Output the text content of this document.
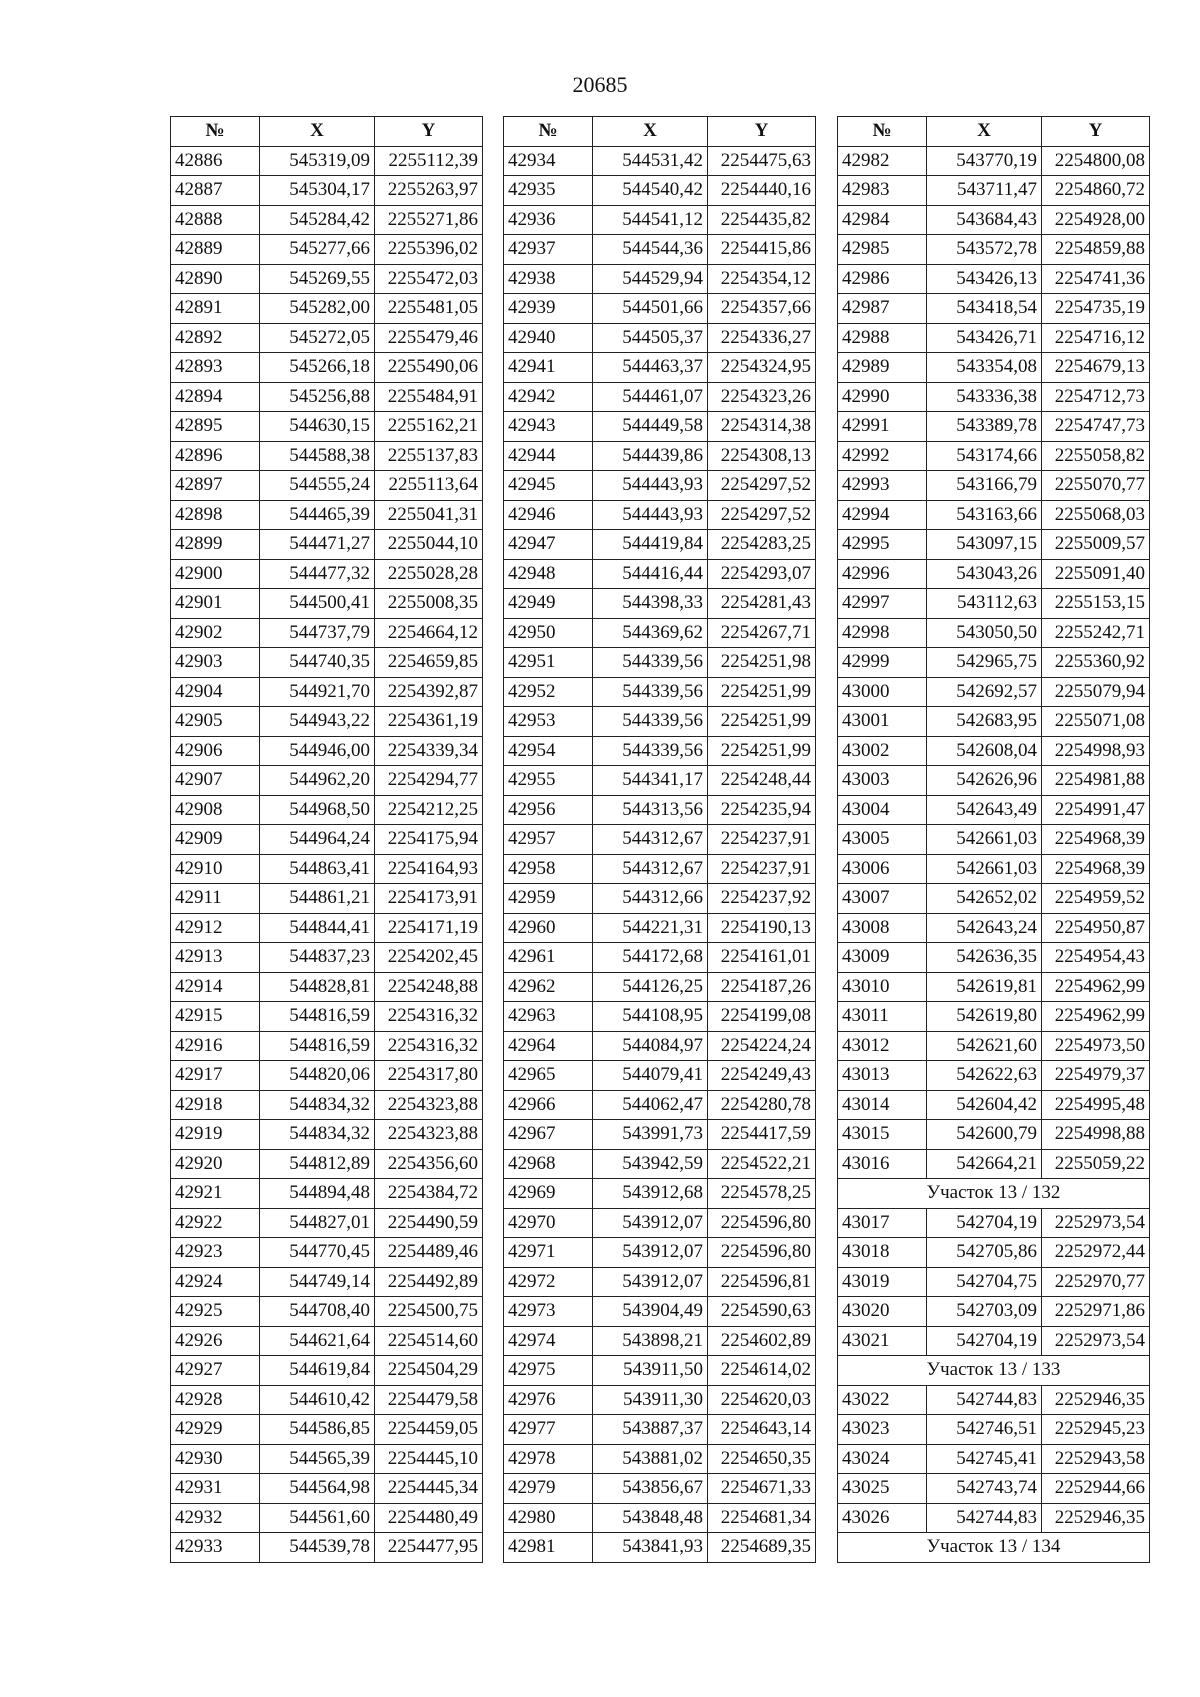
20685
№	X	Y
42886	545319,09	2255112,39
42887	545304,17	2255263,97
42888	545284,42	2255271,86
42889	545277,66	2255396,02
42890	545269,55	2255472,03
42891	545282,00	2255481,05
42892	545272,05	2255479,46
42893	545266,18	2255490,06
42894	545256,88	2255484,91
42895	544630,15	2255162,21
42896	544588,38	2255137,83
42897	544555,24	2255113,64
42898	544465,39	2255041,31
42899	544471,27	2255044,10
42900	544477,32	2255028,28
42901	544500,41	2255008,35
42902	544737,79	2254664,12
42903	544740,35	2254659,85
42904	544921,70	2254392,87
42905	544943,22	2254361,19
42906	544946,00	2254339,34
42907	544962,20	2254294,77
42908	544968,50	2254212,25
42909	544964,24	2254175,94
42910	544863,41	2254164,93
42911	544861,21	2254173,91
42912	544844,41	2254171,19
42913	544837,23	2254202,45
42914	544828,81	2254248,88
42915	544816,59	2254316,32
42916	544816,59	2254316,32
42917	544820,06	2254317,80
42918	544834,32	2254323,88
42919	544834,32	2254323,88
42920	544812,89	2254356,60
42921	544894,48	2254384,72
42922	544827,01	2254490,59
42923	544770,45	2254489,46
42924	544749,14	2254492,89
42925	544708,40	2254500,75
42926	544621,64	2254514,60
42927	544619,84	2254504,29
42928	544610,42	2254479,58
42929	544586,85	2254459,05
42930	544565,39	2254445,10
42931	544564,98	2254445,34
42932	544561,60	2254480,49
42933	544539,78	2254477,95
№	X	Y
42934	544531,42	2254475,63
42935	544540,42	2254440,16
42936	544541,12	2254435,82
42937	544544,36	2254415,86
42938	544529,94	2254354,12
42939	544501,66	2254357,66
42940	544505,37	2254336,27
42941	544463,37	2254324,95
42942	544461,07	2254323,26
42943	544449,58	2254314,38
42944	544439,86	2254308,13
42945	544443,93	2254297,52
42946	544443,93	2254297,52
42947	544419,84	2254283,25
42948	544416,44	2254293,07
42949	544398,33	2254281,43
42950	544369,62	2254267,71
42951	544339,56	2254251,98
42952	544339,56	2254251,99
42953	544339,56	2254251,99
42954	544339,56	2254251,99
42955	544341,17	2254248,44
42956	544313,56	2254235,94
42957	544312,67	2254237,91
42958	544312,67	2254237,91
42959	544312,66	2254237,92
42960	544221,31	2254190,13
42961	544172,68	2254161,01
42962	544126,25	2254187,26
42963	544108,95	2254199,08
42964	544084,97	2254224,24
42965	544079,41	2254249,43
42966	544062,47	2254280,78
42967	543991,73	2254417,59
42968	543942,59	2254522,21
42969	543912,68	2254578,25
42970	543912,07	2254596,80
42971	543912,07	2254596,80
42972	543912,07	2254596,81
42973	543904,49	2254590,63
42974	543898,21	2254602,89
42975	543911,50	2254614,02
42976	543911,30	2254620,03
42977	543887,37	2254643,14
42978	543881,02	2254650,35
42979	543856,67	2254671,33
42980	543848,48	2254681,34
42981	543841,93	2254689,35
№	X	Y
42982	543770,19	2254800,08
42983	543711,47	2254860,72
42984	543684,43	2254928,00
42985	543572,78	2254859,88
42986	543426,13	2254741,36
42987	543418,54	2254735,19
42988	543426,71	2254716,12
42989	543354,08	2254679,13
42990	543336,38	2254712,73
42991	543389,78	2254747,73
42992	543174,66	2255058,82
42993	543166,79	2255070,77
42994	543163,66	2255068,03
42995	543097,15	2255009,57
42996	543043,26	2255091,40
42997	543112,63	2255153,15
42998	543050,50	2255242,71
42999	542965,75	2255360,92
43000	542692,57	2255079,94
43001	542683,95	2255071,08
43002	542608,04	2254998,93
43003	542626,96	2254981,88
43004	542643,49	2254991,47
43005	542661,03	2254968,39
43006	542661,03	2254968,39
43007	542652,02	2254959,52
43008	542643,24	2254950,87
43009	542636,35	2254954,43
43010	542619,81	2254962,99
43011	542619,80	2254962,99
43012	542621,60	2254973,50
43013	542622,63	2254979,37
43014	542604,42	2254995,48
43015	542600,79	2254998,88
43016	542664,21	2255059,22
Участок 13 / 132		
43017	542704,19	2252973,54
43018	542705,86	2252972,44
43019	542704,75	2252970,77
43020	542703,09	2252971,86
43021	542704,19	2252973,54
Участок 13 / 133		
43022	542744,83	2252946,35
43023	542746,51	2252945,23
43024	542745,41	2252943,58
43025	542743,74	2252944,66
43026	542744,83	2252946,35
Участок 13 / 134		
